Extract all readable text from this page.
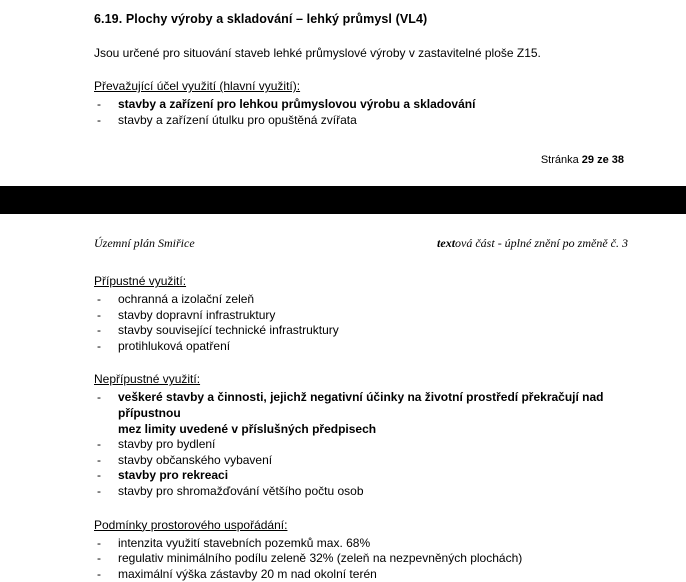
6.19. Plochy výroby a skladování – lehký průmysl (VL4)
Jsou určené pro situování staveb lehké průmyslové výroby v zastavitelné ploše Z15.
Převažující účel využití (hlavní využití):
- stavby a zařízení pro lehkou průmyslovou výrobu a skladování
- stavby a zařízení útulku pro opuštěná zvířata
Stránka 29 ze 38
Územní plán Smiřice	textová část - úplné znění po změně č. 3
Přípustné využití:
- ochranná a izolační zeleň
- stavby dopravní infrastruktury
- stavby související technické infrastruktury
- protihluková opatření
Nepřípustné využití:
- veškeré stavby a činnosti, jejichž negativní účinky na životní prostředí překračují nad přípustnou
mez limity uvedené v příslušných předpisech
- stavby pro bydlení
- stavby občanského vybavení
- stavby pro rekreaci
- stavby pro shromažďování většího počtu osob
Podmínky prostorového uspořádání:
- intenzita využití stavebních pozemků max. 68%
- regulativ minimálního podílu zeleně 32% (zeleň na nezpevněných plochách)
- maximální výška zástavby 20 m nad okolní terén
